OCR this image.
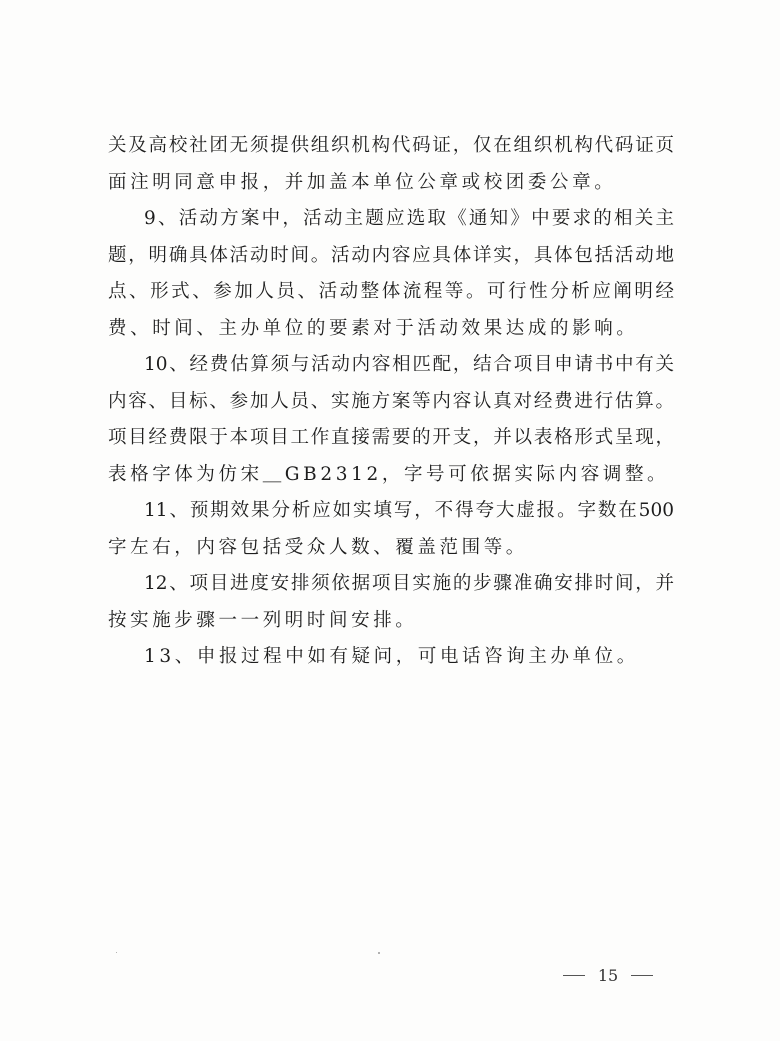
关及高校社团无须提供组织机构代码证，仅在组织机构代码证页
面注明同意申报，并加盖本单位公章或校团委公章。
9、活动方案中，活动主题应选取《通知》中要求的相关主
题，明确具体活动时间。活动内容应具体详实，具体包括活动地
点、形式、参加人员、活动整体流程等。可行性分析应阐明经
费、时间、主办单位的要素对于活动效果达成的影响。
10、经费估算须与活动内容相匹配，结合项目申请书中有关
内容、目标、参加人员、实施方案等内容认真对经费进行估算。
项目经费限于本项目工作直接需要的开支，并以表格形式呈现，
表格字体为仿宋＿GB2312，字号可依据实际内容调整。
11、预期效果分析应如实填写，不得夸大虚报。字数在500
字左右，内容包括受众人数、覆盖范围等。
12、项目进度安排须依据项目实施的步骤准确安排时间，并
按实施步骤一一列明时间安排。
13、申报过程中如有疑问，可电话咨询主办单位。
15
